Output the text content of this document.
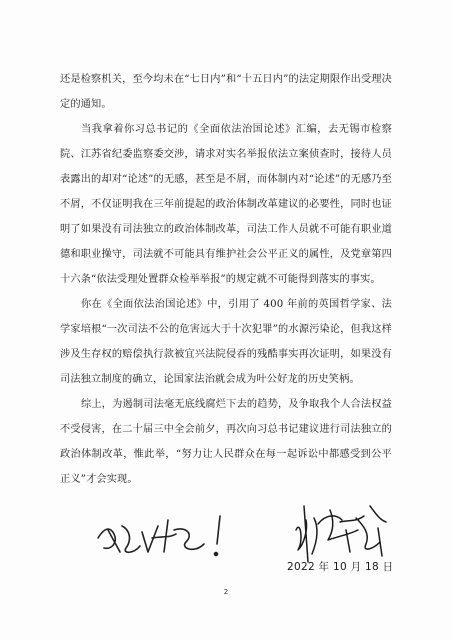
还是检察机关，至今均未在“七日内”和“十五日内”的法定期限作出受理决定的通知。

当我拿着你习总书记的《全面依法治国论述》汇编，去无锡市检察院、江苏省纪委监察委交涉，请求对实名举报依法立案侦查时，接待人员表露出的却对“论述”的无感，甚至是不屑，而体制内对“论述”的无感乃至不屑，不仅证明我在三年前提起的政治体制改革建议的必要性，同时也证明了如果没有司法独立的政治体制改革，司法工作人员就不可能有职业道德和职业操守，司法就不可能具有维护社会公平正义的属性，及党章第四十六条“依法受理处置群众检举举报”的规定就不可能得到落实的事实。

你在《全面依法治国论述》中，引用了 400 年前的英国哲学家、法学家培根“一次司法不公的危害远大于十次犯罪”的水源污染论，但我这样涉及生存权的赔偿执行款被宜兴法院侵吞的残酷事实再次证明，如果没有司法独立制度的确立，论国家法治就会成为叶公好龙的历史笑柄。

综上，为遏制司法毫无底线腐烂下去的趋势，及争取我个人合法权益不受侵害，在二十届三中全会前夕，再次向习总书记建议进行司法独立的政治体制改革，惟此举，“努力让人民群众在每一起诉讼中都感受到公平正义”才会实现。

2022 年 10 月 18 日
2
